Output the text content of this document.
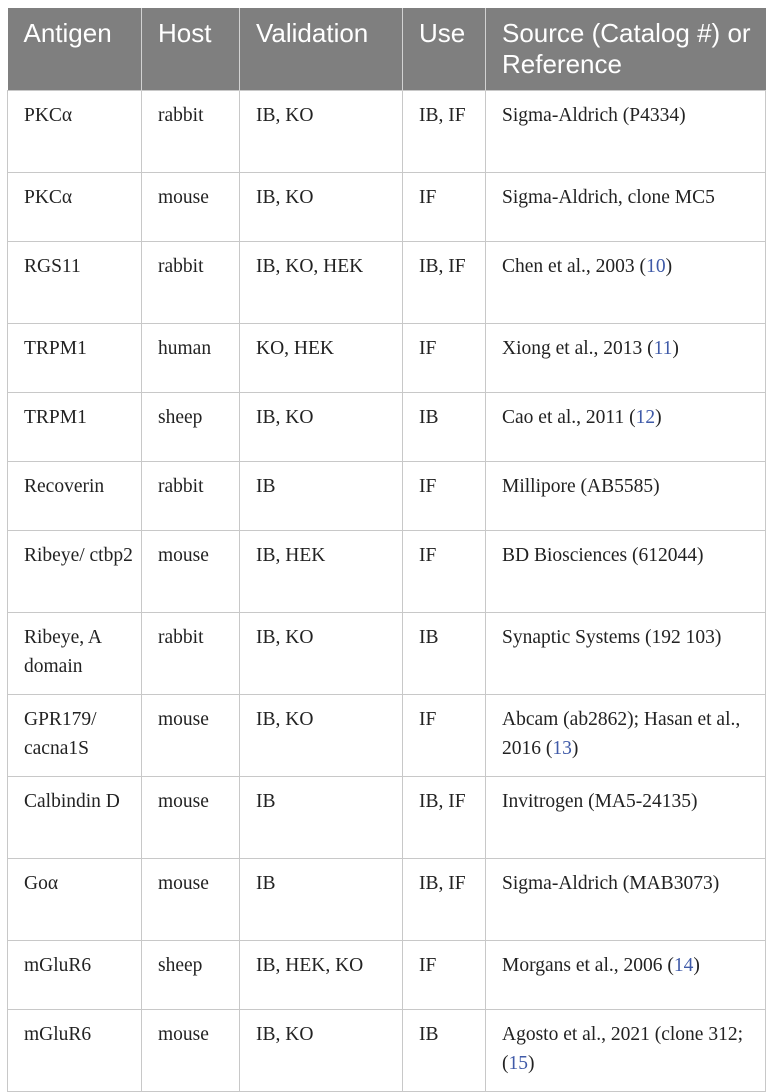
Antigen	Host	Validation	Use	Source (Catalog #) or Reference
PKCα	rabbit	IB, KO	IB, IF	Sigma-Aldrich (P4334)
PKCα	mouse	IB, KO	IF	Sigma-Aldrich, clone MC5
RGS11	rabbit	IB, KO, HEK	IB, IF	Chen et al., 2003 (10)
TRPM1	human	KO, HEK	IF	Xiong et al., 2013 (11)
TRPM1	sheep	IB, KO	IB	Cao et al., 2011 (12)
Recoverin	rabbit	IB	IF	Millipore (AB5585)
Ribeye/ ctbp2	mouse	IB, HEK	IF	BD Biosciences (612044)
Ribeye, A domain	rabbit	IB, KO	IB	Synaptic Systems (192 103)
GPR179/ cacna1S	mouse	IB, KO	IF	Abcam (ab2862); Hasan et al., 2016 (13)
Calbindin D	mouse	IB	IB, IF	Invitrogen (MA5-24135)
Goα	mouse	IB	IB, IF	Sigma-Aldrich (MAB3073)
mGluR6	sheep	IB, HEK, KO	IF	Morgans et al., 2006 (14)
mGluR6	mouse	IB, KO	IB	Agosto et al., 2021 (clone 312; (15)
